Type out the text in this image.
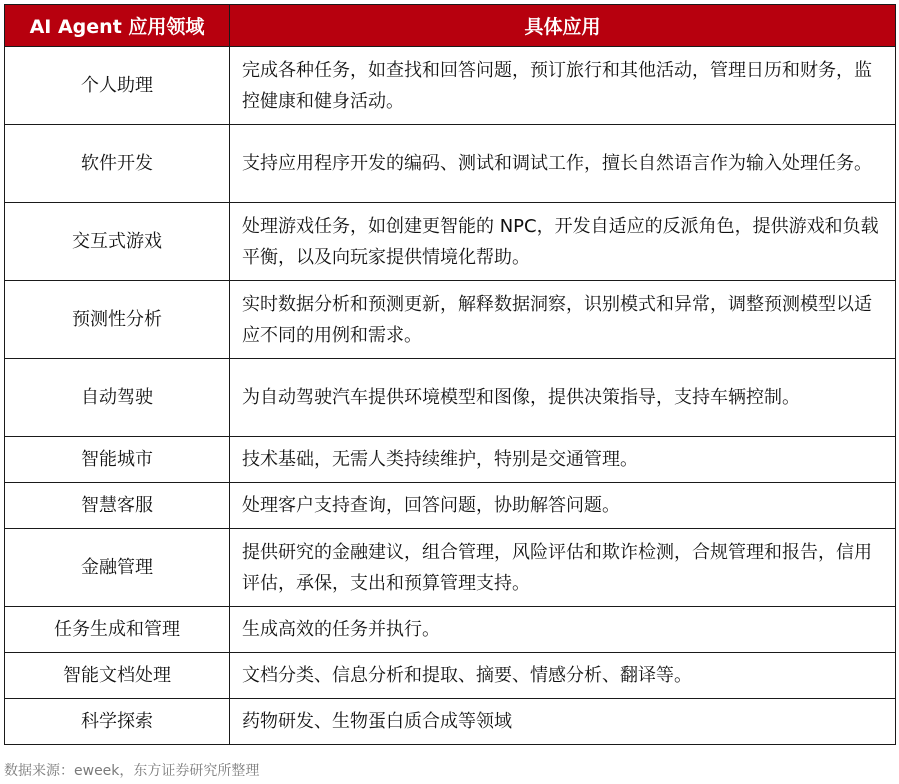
AI Agent 应用领域	具体应用
个人助理	完成各种任务，如查找和回答问题，预订旅行和其他活动，管理日历和财务，监控健康和健身活动。
软件开发	支持应用程序开发的编码、测试和调试工作，擅长自然语言作为输入处理任务。
交互式游戏	处理游戏任务，如创建更智能的 NPC，开发自适应的反派角色，提供游戏和负载平衡，以及向玩家提供情境化帮助。
预测性分析	实时数据分析和预测更新，解释数据洞察，识别模式和异常，调整预测模型以适应不同的用例和需求。
自动驾驶	为自动驾驶汽车提供环境模型和图像，提供决策指导，支持车辆控制。
智能城市	技术基础，无需人类持续维护，特别是交通管理。
智慧客服	处理客户支持查询，回答问题，协助解答问题。
金融管理	提供研究的金融建议，组合管理，风险评估和欺诈检测，合规管理和报告，信用评估，承保，支出和预算管理支持。
任务生成和管理	生成高效的任务并执行。
智能文档处理	文档分类、信息分析和提取、摘要、情感分析、翻译等。
科学探索	药物研发、生物蛋白质合成等领域
数据来源：eweek，东方证券研究所整理
